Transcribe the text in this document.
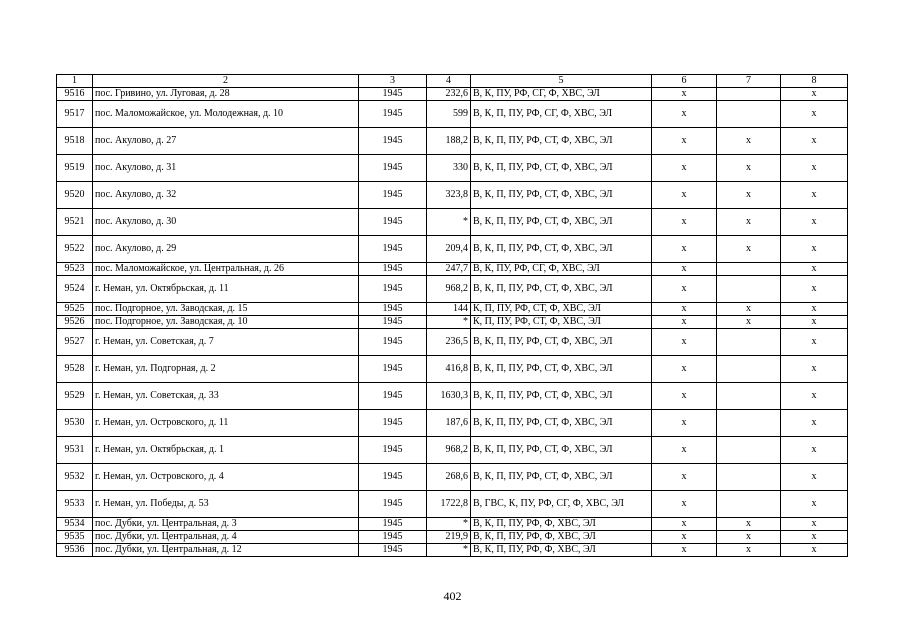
1	2	3	4	5	6	7	8
9516	пос. Гривино, ул. Луговая, д. 28	1945	232,6	В, К, ПУ, РФ, СГ, Ф, ХВС, ЭЛ	х		х
9517	пос. Маломожайское, ул. Молодежная, д. 10	1945	599	В, К, П, ПУ, РФ, СГ, Ф, ХВС, ЭЛ	х		х
9518	пос. Акулово, д. 27	1945	188,2	В, К, П, ПУ, РФ, СТ, Ф, ХВС, ЭЛ	х	х	х
9519	пос. Акулово, д. 31	1945	330	В, К, П, ПУ, РФ, СТ, Ф, ХВС, ЭЛ	х	х	х
9520	пос. Акулово, д. 32	1945	323,8	В, К, П, ПУ, РФ, СТ, Ф, ХВС, ЭЛ	х	х	х
9521	пос. Акулово, д. 30	1945	*	В, К, П, ПУ, РФ, СТ, Ф, ХВС, ЭЛ	х	х	х
9522	пос. Акулово, д. 29	1945	209,4	В, К, П, ПУ, РФ, СТ, Ф, ХВС, ЭЛ	х	х	х
9523	пос. Маломожайское, ул. Центральная, д. 26	1945	247,7	В, К, ПУ, РФ, СГ, Ф, ХВС, ЭЛ	х		х
9524	г. Неман, ул. Октябрьская, д. 11	1945	968,2	В, К, П, ПУ, РФ, СТ, Ф, ХВС, ЭЛ	х		х
9525	пос. Подгорное, ул. Заводская, д. 15	1945	144	К, П, ПУ, РФ, СТ, Ф, ХВС, ЭЛ	х	х	х
9526	пос. Подгорное, ул. Заводская, д. 10	1945	*	К, П, ПУ, РФ, СТ, Ф, ХВС, ЭЛ	х	х	х
9527	г. Неман, ул. Советская, д. 7	1945	236,5	В, К, П, ПУ, РФ, СТ, Ф, ХВС, ЭЛ	х		х
9528	г. Неман, ул. Подгорная, д. 2	1945	416,8	В, К, П, ПУ, РФ, СТ, Ф, ХВС, ЭЛ	х		х
9529	г. Неман, ул. Советская, д. 33	1945	1630,3	В, К, П, ПУ, РФ, СТ, Ф, ХВС, ЭЛ	х		х
9530	г. Неман, ул. Островского, д. 11	1945	187,6	В, К, П, ПУ, РФ, СТ, Ф, ХВС, ЭЛ	х		х
9531	г. Неман, ул. Октябрьская, д. 1	1945	968,2	В, К, П, ПУ, РФ, СТ, Ф, ХВС, ЭЛ	х		х
9532	г. Неман, ул. Островского, д. 4	1945	268,6	В, К, П, ПУ, РФ, СТ, Ф, ХВС, ЭЛ	х		х
9533	г. Неман, ул. Победы, д. 53	1945	1722,8	В, ГВС, К, ПУ, РФ, СГ, Ф, ХВС, ЭЛ	х		х
9534	пос. Дубки, ул. Центральная, д. 3	1945	*	В, К, П, ПУ, РФ, Ф, ХВС, ЭЛ	х	х	х
9535	пос. Дубки, ул. Центральная, д. 4	1945	219,9	В, К, П, ПУ, РФ, Ф, ХВС, ЭЛ	х	х	х
9536	пос. Дубки, ул. Центральная, д. 12	1945	*	В, К, П, ПУ, РФ, Ф, ХВС, ЭЛ	х	х	х
402
